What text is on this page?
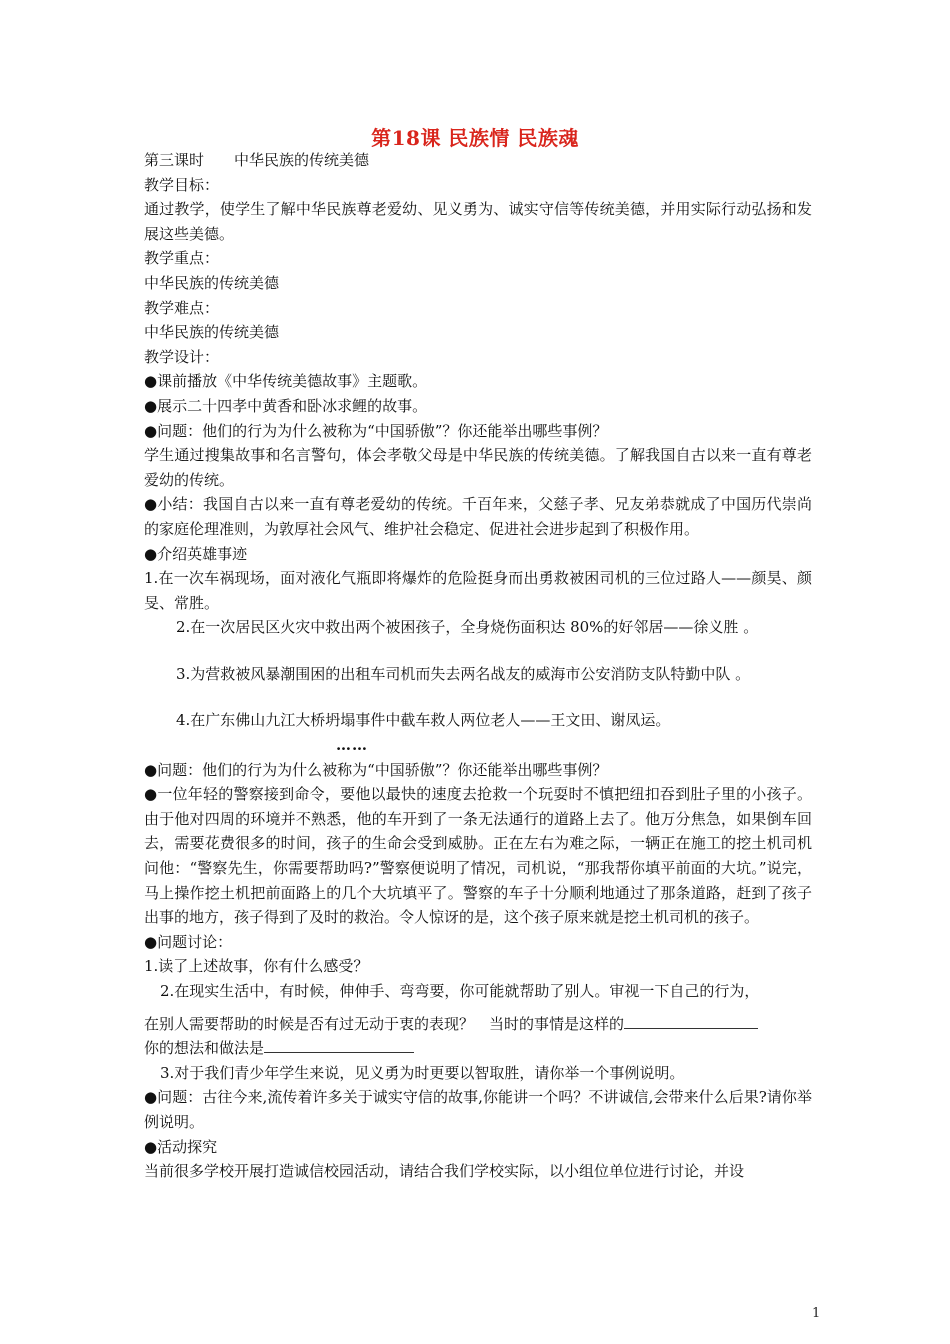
第18课 民族情 民族魂
第三课时　　中华民族的传统美德
教学目标：
通过教学，使学生了解中华民族尊老爱幼、见义勇为、诚实守信等传统美德，并用实际行动弘扬和发展这些美德。
教学重点：
中华民族的传统美德
教学难点：
中华民族的传统美德
教学设计：
●课前播放《中华传统美德故事》主题歌。
●展示二十四孝中黄香和卧冰求鲤的故事。
●问题：他们的行为为什么被称为“中国骄傲”？你还能举出哪些事例？
学生通过搜集故事和名言警句，体会孝敬父母是中华民族的传统美德。了解我国自古以来一直有尊老爱幼的传统。
●小结：我国自古以来一直有尊老爱幼的传统。千百年来，父慈子孝、兄友弟恭就成了中国历代崇尚的家庭伦理准则，为敦厚社会风气、维护社会稳定、促进社会进步起到了积极作用。
●介绍英雄事迹
1.在一次车祸现场，面对液化气瓶即将爆炸的危险挺身而出勇救被困司机的三位过路人——颜昊、颜旻、常胜。
2.在一次居民区火灾中救出两个被困孩子，全身烧伤面积达 80%的好邻居——徐义胜 。
3.为营救被风暴潮围困的出租车司机而失去两名战友的威海市公安消防支队特勤中队 。
4.在广东佛山九江大桥坍塌事件中截车救人两位老人——王文田、谢凤运。
……
●问题：他们的行为为什么被称为“中国骄傲”？你还能举出哪些事例？
●一位年轻的警察接到命令，要他以最快的速度去抢救一个玩耍时不慎把纽扣吞到肚子里的小孩子。由于他对四周的环境并不熟悉，他的车开到了一条无法通行的道路上去了。他万分焦急，如果倒车回去，需要花费很多的时间，孩子的生命会受到威胁。正在左右为难之际，一辆正在施工的挖土机司机问他：“警察先生，你需要帮助吗?”警察便说明了情况，司机说，“那我帮你填平前面的大坑。”说完，马上操作挖土机把前面路上的几个大坑填平了。警察的车子十分顺利地通过了那条道路，赶到了孩子出事的地方，孩子得到了及时的救治。令人惊讶的是，这个孩子原来就是挖土机司机的孩子。
●问题讨论：
1.读了上述故事，你有什么感受？
2.在现实生活中，有时候，伸伸手、弯弯要，你可能就帮助了别人。审视一下自己的行为，
在别人需要帮助的时候是否有过无动于衷的表现？　当时的事情是这样的
你的想法和做法是
3.对于我们青少年学生来说，见义勇为时更要以智取胜，请你举一个事例说明。
●问题：古往今来,流传着许多关于诚实守信的故事,你能讲一个吗？不讲诚信,会带来什么后果?请你举例说明。
●活动探究
当前很多学校开展打造诚信校园活动，请结合我们学校实际，以小组位单位进行讨论，并设
1
